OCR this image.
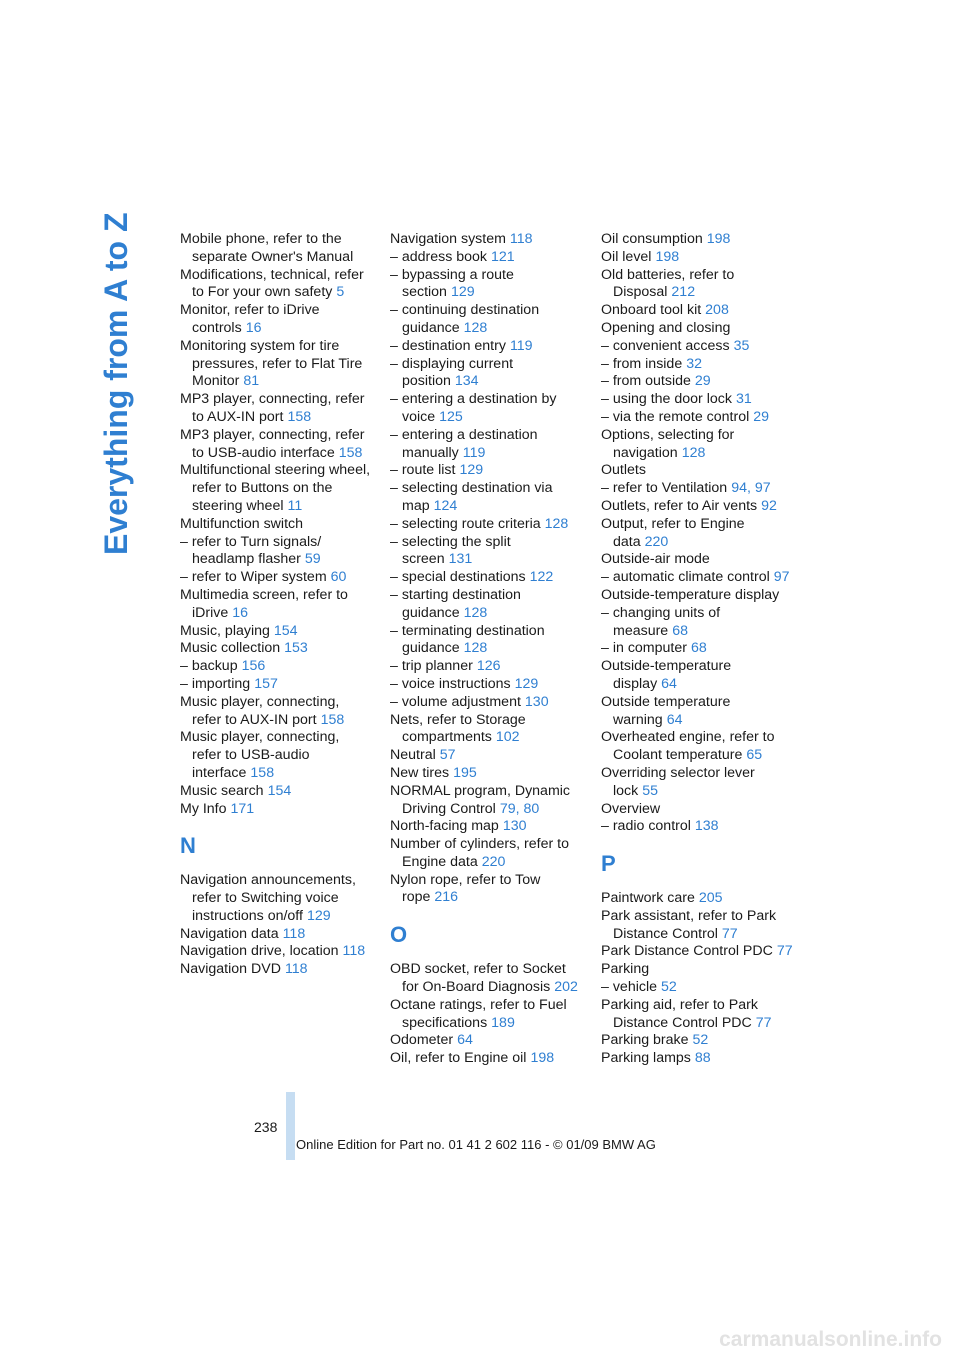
Everything from A to Z	Mobile phone, refer to the separate Owner's Manual
Modifications, technical, refer to For your own safety 5
Monitor, refer to iDrive controls 16
Monitoring system for tire pressures, refer to Flat Tire Monitor 81
MP3 player, connecting, refer to AUX-IN port 158
MP3 player, connecting, refer to USB-audio interface 158
Multifunctional steering wheel, refer to Buttons on the steering wheel 11
Multifunction switch
– refer to Turn signals/ headlamp flasher 59
– refer to Wiper system 60
Multimedia screen, refer to iDrive 16
Music, playing 154
Music collection 153
– backup 156
– importing 157
Music player, connecting, refer to AUX-IN port 158
Music player, connecting, refer to USB-audio interface 158
Music search 154
My Info 171
N
Navigation announcements, refer to Switching voice instructions on/off 129
Navigation data 118
Navigation drive, location 118
Navigation DVD 118
Navigation system 118
– address book 121
– bypassing a route section 129
– continuing destination guidance 128
– destination entry 119
– displaying current position 134
– entering a destination by voice 125
– entering a destination manually 119
– route list 129
– selecting destination via map 124
– selecting route criteria 128
– selecting the split screen 131
– special destinations 122
– starting destination guidance 128
– terminating destination guidance 128
– trip planner 126
– voice instructions 129
– volume adjustment 130
Nets, refer to Storage compartments 102
Neutral 57
New tires 195
NORMAL program, Dynamic Driving Control 79, 80
North-facing map 130
Number of cylinders, refer to Engine data 220
Nylon rope, refer to Tow rope 216
O
OBD socket, refer to Socket for On-Board Diagnosis 202
Octane ratings, refer to Fuel specifications 189
Odometer 64
Oil, refer to Engine oil 198
Oil consumption 198
Oil level 198
Old batteries, refer to Disposal 212
Onboard tool kit 208
Opening and closing
– convenient access 35
– from inside 32
– from outside 29
– using the door lock 31
– via the remote control 29
Options, selecting for navigation 128
Outlets
– refer to Ventilation 94, 97
Outlets, refer to Air vents 92
Output, refer to Engine data 220
Outside-air mode
– automatic climate control 97
Outside-temperature display
– changing units of measure 68
– in computer 68
Outside-temperature display 64
Outside temperature warning 64
Overheated engine, refer to Coolant temperature 65
Overriding selector lever lock 55
Overview
– radio control 138
P
Paintwork care 205
Park assistant, refer to Park Distance Control 77
Park Distance Control PDC 77
Parking
– vehicle 52
Parking aid, refer to Park Distance Control PDC 77
Parking brake 52
Parking lamps 88
238
Online Edition for Part no. 01 41 2 602 116 - © 01/09 BMW AG
carmanualsonline.info
